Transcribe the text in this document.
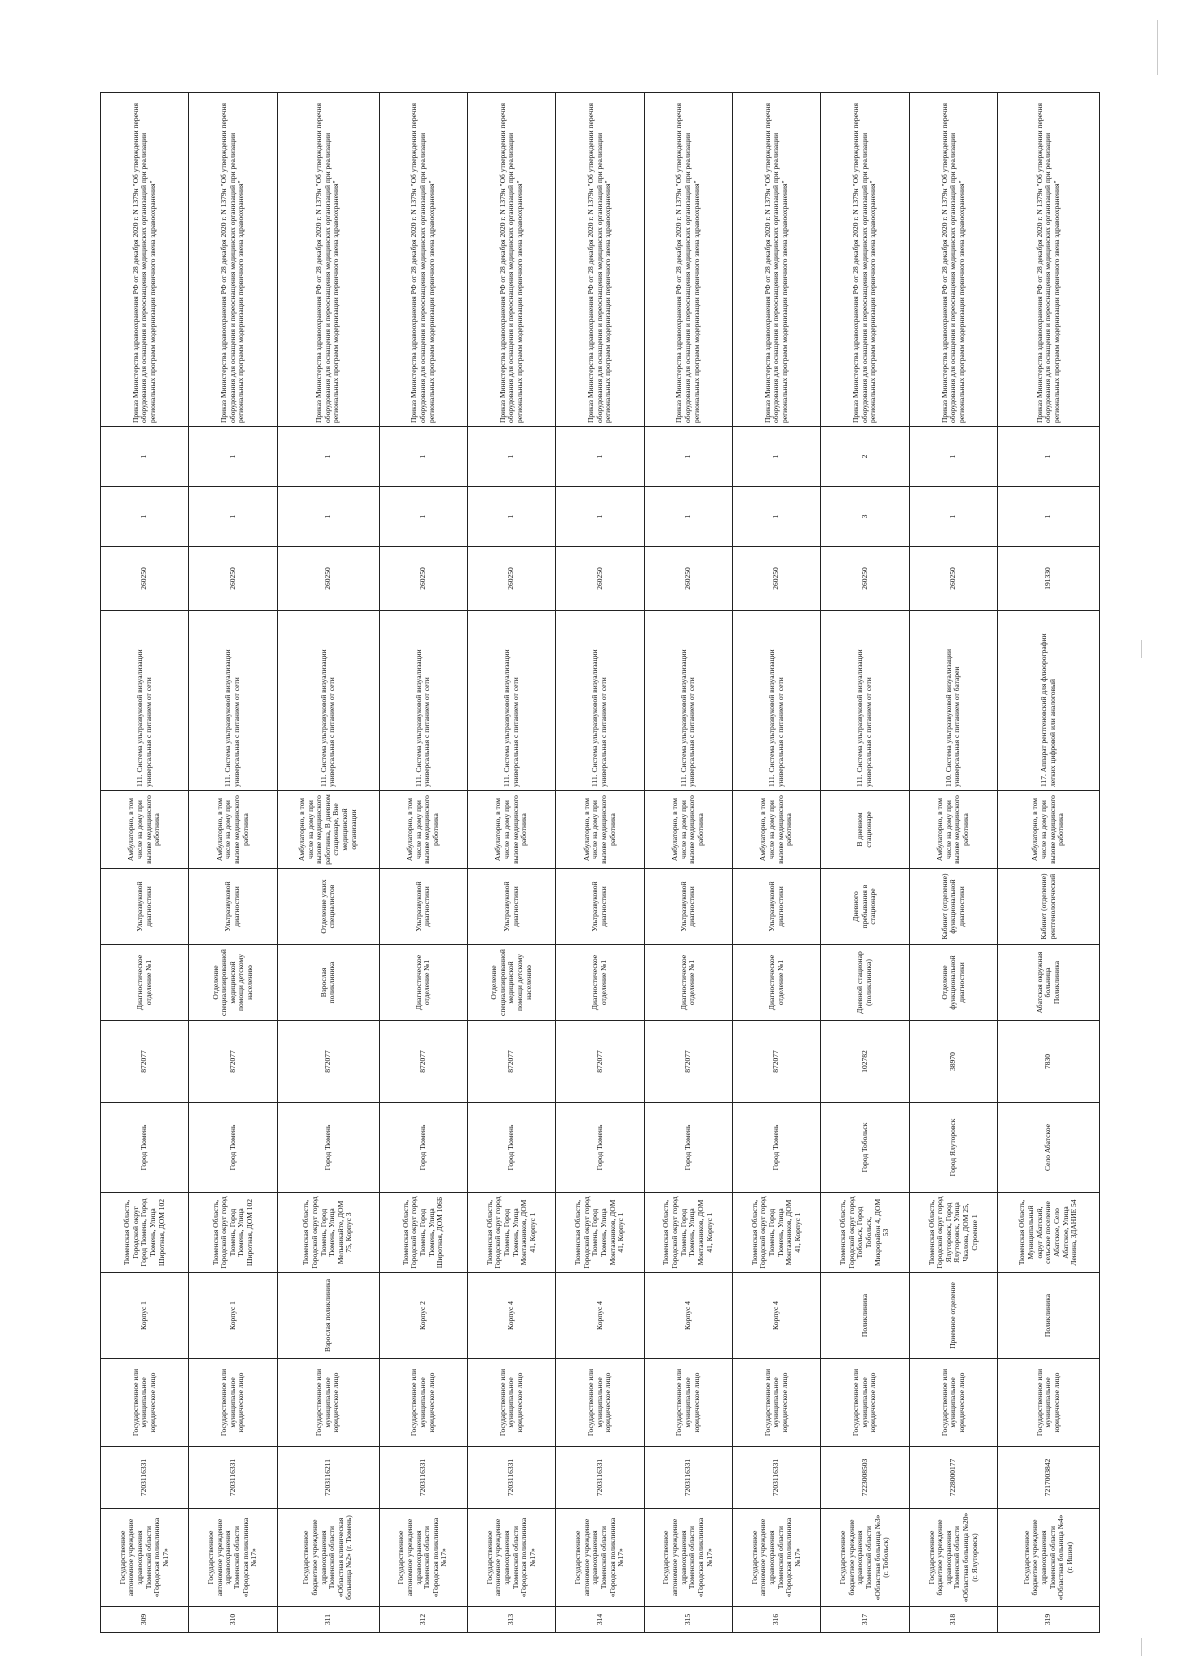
309	Государственное автономное учреждение здравоохранения Тюменской области «Городская поликлиника №17»	7203116331	Государственное или муниципальное юридическое лицо	Корпус 1	Тюменская Область, Городской округ Город Тюмень, Город Тюмень, Улица Широтная, ДОМ 102	Город Тюмень	872077	Диагностическое отделение №1	Ультразвуковой диагностики	Амбулаторно, в том числе на дому при вызове медицинского работника	111. Система ультразвуковой визуализации универсальная с питанием от сети	260250	1	1	Приказ Министерства здравоохранения РФ от 28 декабря 2020 г. N 1379н "Об утверждении перечня оборудования для оснащения и переоснащения медицинских организаций при реализации региональных программ модернизации первичного звена здравоохранения"
310	Государственное автономное учреждение здравоохранения Тюменской области «Городская поликлиника №17»	7203116331	Государственное или муниципальное юридическое лицо	Корпус 1	Тюменская Область, Городской округ город Тюмень, Город Тюмень, Улица Широтная, ДОМ 102	Город Тюмень	872077	Отделение специализированной медицинской помощи детскому населению	Ультразвуковой диагностики	Амбулаторно, в том числе на дому при вызове медицинского работника	111. Система ультразвуковой визуализации универсальная с питанием от сети	260250	1	1	Приказ Министерства здравоохранения РФ от 28 декабря 2020 г. N 1379н "Об утверждении перечня оборудования для оснащения и переоснащения медицинских организаций при реализации региональных программ модернизации первичного звена здравоохранения"
311	Государственное бюджетное учреждение здравоохранения Тюменской области «Областная клиническая больница №2» (г. Тюмень)	7203116211	Государственное или муниципальное юридическое лицо	Взрослая поликлиника	Тюменская Область, Городской округ город Тюмень, Город Тюмень, Улица Мельникайте, ДОМ 75, Корпус 3	Город Тюмень	872077	Взрослая поликлиника	Отделение узких специалистов	Амбулаторно, в том числе на дому при вызове медицинского работника, В дневном стационаре, Вне медицинской организации	111. Система ультразвуковой визуализации универсальная с питанием от сети	260250	1	1	Приказ Министерства здравоохранения РФ от 28 декабря 2020 г. N 1379н "Об утверждении перечня оборудования для оснащения и переоснащения медицинских организаций при реализации региональных программ модернизации первичного звена здравоохранения"
312	Государственное автономное учреждение здравоохранения Тюменской области «Городская поликлиника №17»	7203116331	Государственное или муниципальное юридическое лицо	Корпус 2	Тюменская Область, Городской округ город Тюмень, Город Тюмень, Улица Широтная, ДОМ 106Б	Город Тюмень	872077	Диагностическое отделение №1	Ультразвуковой диагностики	Амбулаторно, в том числе на дому при вызове медицинского работника	111. Система ультразвуковой визуализации универсальная с питанием от сети	260250	1	1	Приказ Министерства здравоохранения РФ от 28 декабря 2020 г. N 1379н "Об утверждении перечня оборудования для оснащения и переоснащения медицинских организаций при реализации региональных программ модернизации первичного звена здравоохранения"
313	Государственное автономное учреждение здравоохранения Тюменской области «Городская поликлиника №17»	7203116331	Государственное или муниципальное юридическое лицо	Корпус 4	Тюменская Область, Городской округ город Тюмень, Город Тюмень, Улица Монтажников, ДОМ 41, Корпус 1	Город Тюмень	872077	Отделение специализированной медицинской помощи детскому населению	Ультразвуковой диагностики	Амбулаторно, в том числе на дому при вызове медицинского работника	111. Система ультразвуковой визуализации универсальная с питанием от сети	260250	1	1	Приказ Министерства здравоохранения РФ от 28 декабря 2020 г. N 1379н "Об утверждении перечня оборудования для оснащения и переоснащения медицинских организаций при реализации региональных программ модернизации первичного звена здравоохранения"
314	Государственное автономное учреждение здравоохранения Тюменской области «Городская поликлиника №17»	7203116331	Государственное или муниципальное юридическое лицо	Корпус 4	Тюменская Область, Городской округ город Тюмень, Город Тюмень, Улица Монтажников, ДОМ 41, Корпус 1	Город Тюмень	872077	Диагностическое отделение №1	Ультразвуковой диагностики	Амбулаторно, в том числе на дому при вызове медицинского работника	111. Система ультразвуковой визуализации универсальная с питанием от сети	260250	1	1	Приказ Министерства здравоохранения РФ от 28 декабря 2020 г. N 1379н "Об утверждении перечня оборудования для оснащения и переоснащения медицинских организаций при реализации региональных программ модернизации первичного звена здравоохранения"
315	Государственное автономное учреждение здравоохранения Тюменской области «Городская поликлиника №17»	7203116331	Государственное или муниципальное юридическое лицо	Корпус 4	Тюменская Область, Городской округ город Тюмень, Город Тюмень, Улица Монтажников, ДОМ 41, Корпус 1	Город Тюмень	872077	Диагностическое отделение №1	Ультразвуковой диагностики	Амбулаторно, в том числе на дому при вызове медицинского работника	111. Система ультразвуковой визуализации универсальная с питанием от сети	260250	1	1	Приказ Министерства здравоохранения РФ от 28 декабря 2020 г. N 1379н "Об утверждении перечня оборудования для оснащения и переоснащения медицинских организаций при реализации региональных программ модернизации первичного звена здравоохранения"
316	Государственное автономное учреждение здравоохранения Тюменской области «Городская поликлиника №17»	7203116331	Государственное или муниципальное юридическое лицо	Корпус 4	Тюменская Область, Городской округ город Тюмень, Город Тюмень, Улица Монтажников, ДОМ 41, Корпус 1	Город Тюмень	872077	Диагностическое отделение №1	Ультразвуковой диагностики	Амбулаторно, в том числе на дому при вызове медицинского работника	111. Система ультразвуковой визуализации универсальная с питанием от сети	260250	1	1	Приказ Министерства здравоохранения РФ от 28 декабря 2020 г. N 1379н "Об утверждении перечня оборудования для оснащения и переоснащения медицинских организаций при реализации региональных программ модернизации первичного звена здравоохранения"
317	Государственное бюджетное учреждение здравоохранения Тюменской области «Областная больница №3» (г. Тобольск)	7223008503	Государственное или муниципальное юридическое лицо	Поликлиника	Тюменская Область, Городской округ город Тобольск, Город Тобольск, Микрорайон 4, ДОМ 53	Город Тобольск	102782	Дневной стационар (поликлиника)	Дневного пребывания в стационаре	В дневном стационаре	111. Система ультразвуковой визуализации универсальная с питанием от сети	260250	3	2	Приказ Министерства здравоохранения РФ от 28 декабря 2020 г. N 1379н "Об утверждении перечня оборудования для оснащения и переоснащения медицинских организаций при реализации региональных программ модернизации первичного звена здравоохранения"
318	Государственное бюджетное учреждение здравоохранения Тюменской области «Областная больница №20» (г. Ялуторовск)	7228000177	Государственное или муниципальное юридическое лицо	Приемное отделение	Тюменская Область, Городской округ город Ялуторовск, Город Ялуторовск, Улица Чкалова, ДОМ 25, Строение 1	Город Ялуторовск	38970	Отделение функциональной диагностики	Кабинет (отделение) функциональной диагностики	Амбулаторно, в том числе на дому при вызове медицинского работника	110. Система ультразвуковой визуализации универсальная с питанием от батареи	260250	1	1	Приказ Министерства здравоохранения РФ от 28 декабря 2020 г. N 1379н "Об утверждении перечня оборудования для оснащения и переоснащения медицинских организаций при реализации региональных программ модернизации первичного звена здравоохранения"
319	Государственное бюджетное учреждение здравоохранения Тюменской области «Областная больница №4» (г. Ишим)	7217003842	Государственное или муниципальное юридическое лицо	Поликлиника	Тюменская Область, Муниципальный округ Абатский, сельское поселение Абатское, Село Абатское, Улица Ленина, ЗДАНИЕ 54	Село Абатское	7830	Абатская окружная больница Поликлиника	Кабинет (отделение) рентгенологический	Амбулаторно, в том числе на дому при вызове медицинского работника	117. Аппарат рентгеновский для флюорографии легких цифровой или аналоговый	191330	1	1	Приказ Министерства здравоохранения РФ от 28 декабря 2020 г. N 1379н "Об утверждении перечня оборудования для оснащения и переоснащения медицинских организаций при реализации региональных программ модернизации первичного звена здравоохранения"
